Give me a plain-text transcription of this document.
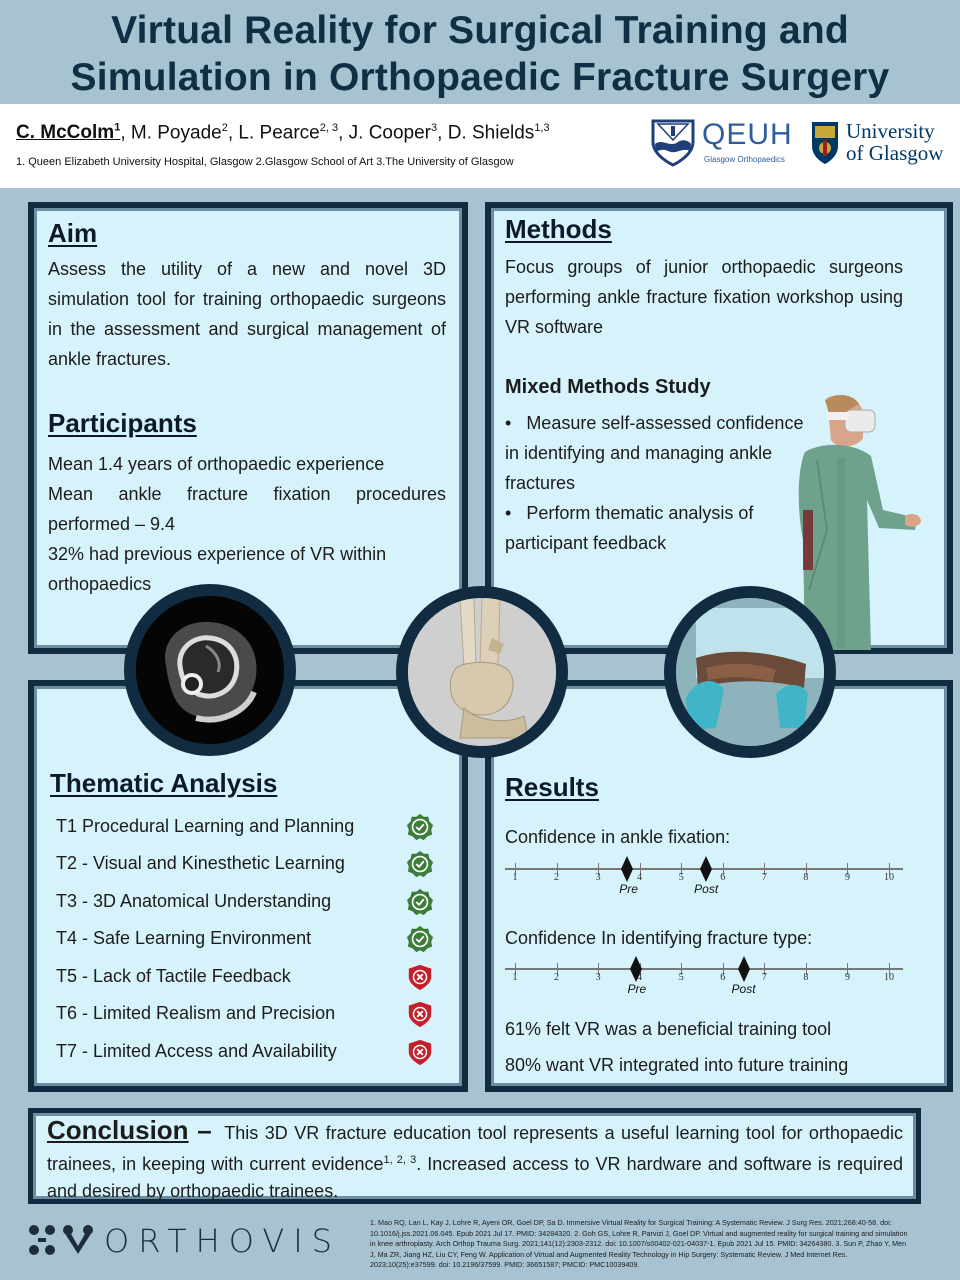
Virtual Reality for Surgical Training and
Simulation in Orthopaedic Fracture Surgery
C. McColm$^1$, M. Poyade$^2$, L. Pearce$^{2, 3}$, J. Cooper$^3$, D. Shields$^{1,3}$
1. Queen Elizabeth University Hospital, Glasgow 2.Glasgow School of Art 3.The University of Glasgow
QEUH
Glasgow Orthopaedics
University
of Glasgow
Aim
Assess the utility of a new and novel 3D simulation tool for training orthopaedic surgeons in the assessment and surgical management of ankle fractures.
Participants
Mean 1.4 years of orthopaedic experience
Mean ankle fracture fixation procedures performed – 9.4
32% had previous experience of VR within orthopaedics
Methods
Focus groups of junior orthopaedic surgeons performing ankle fracture fixation workshop using VR software
Mixed Methods Study
•   Measure self-assessed confidence in identifying and managing ankle fractures
•   Perform thematic analysis of participant feedback
Thematic Analysis
T1 Procedural Learning and Planning
T2 - Visual and Kinesthetic Learning
T3 - 3D Anatomical Understanding
T4 - Safe Learning Environment
T5 - Lack of Tactile Feedback
T6 - Limited Realism and Precision
T7 - Limited Access and Availability
Results
Confidence in ankle fixation:
1	2	3	4	5	6	7	8	9	10
Pre	Post
Confidence In identifying fracture type:
1	2	3	4	5	6	7	8	9	10
Pre	Post
61% felt VR was a beneficial training tool
80% want VR integrated into future training
Conclusion – This 3D VR fracture education tool represents a useful learning tool for orthopaedic trainees, in keeping with current evidence$^{1, 2, 3}$. Increased access to VR hardware and software is required and desired by orthopaedic trainees.
ORTHOVIS	1. Mao RQ, Lan L, Kay J, Lohre R, Ayeni OR, Goel DP, Sa D. Immersive Virtual Reality for Surgical Training: A Systematic Review. J Surg Res. 2021;268:40-58. doi: 10.1016/j.jss.2021.06.045. Epub 2021 Jul 17. PMID: 34284320. 2. Goh GS, Lohre R, Parvizi J, Goel DP. Virtual and augmented reality for surgical training and simulation in knee arthroplasty. Arch Orthop Trauma Surg. 2021;141(12):2303-2312. doi: 10.1007/s00402-021-04037-1. Epub 2021 Jul 15. PMID: 34264380. 3. Sun P, Zhao Y, Men J, Ma ZR, Jiang HZ, Liu CY, Feng W. Application of Virtual and Augmented Reality Technology in Hip Surgery: Systematic Review. J Med Internet Res. 2023;10(25):e37599. doi: 10.2196/37599. PMID: 36651587; PMCID: PMC10039409.
